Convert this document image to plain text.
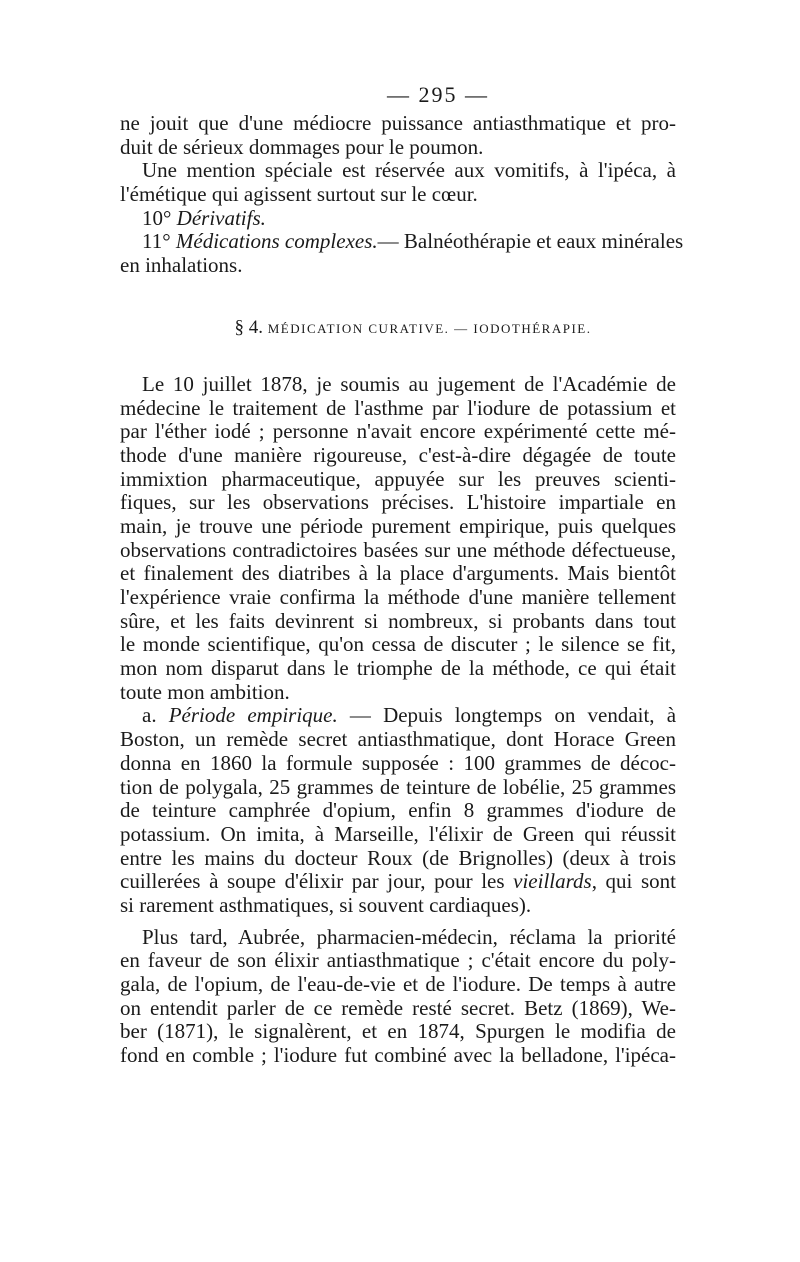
— 295 —
ne jouit que d'une médiocre puissance antiasthmatique et pro-
duit de sérieux dommages pour le poumon.
Une mention spéciale est réservée aux vomitifs, à l'ipéca, à
l'émétique qui agissent surtout sur le cœur.
10° Dérivatifs.
11° Médications complexes.— Balnéothérapie et eaux minérales
en inhalations.
§ 4. MÉDICATION CURATIVE. — IODOTHÉRAPIE.
Le 10 juillet 1878, je soumis au jugement de l'Académie de
médecine le traitement de l'asthme par l'iodure de potassium et
par l'éther iodé ; personne n'avait encore expérimenté cette mé-
thode d'une manière rigoureuse, c'est-à-dire dégagée de toute
immixtion pharmaceutique, appuyée sur les preuves scienti-
fiques, sur les observations précises. L'histoire impartiale en
main, je trouve une période purement empirique, puis quelques
observations contradictoires basées sur une méthode défectueuse,
et finalement des diatribes à la place d'arguments. Mais bientôt
l'expérience vraie confirma la méthode d'une manière tellement
sûre, et les faits devinrent si nombreux, si probants dans tout
le monde scientifique, qu'on cessa de discuter ; le silence se fit,
mon nom disparut dans le triomphe de la méthode, ce qui était
toute mon ambition.
a. Période empirique. — Depuis longtemps on vendait, à
Boston, un remède secret antiasthmatique, dont Horace Green
donna en 1860 la formule supposée : 100 grammes de décoc-
tion de polygala, 25 grammes de teinture de lobélie, 25 grammes
de teinture camphrée d'opium, enfin 8 grammes d'iodure de
potassium. On imita, à Marseille, l'élixir de Green qui réussit
entre les mains du docteur Roux (de Brignolles) (deux à trois
cuillerées à soupe d'élixir par jour, pour les vieillards, qui sont
si rarement asthmatiques, si souvent cardiaques).
Plus tard, Aubrée, pharmacien-médecin, réclama la priorité
en faveur de son élixir antiasthmatique ; c'était encore du poly-
gala, de l'opium, de l'eau-de-vie et de l'iodure. De temps à autre
on entendit parler de ce remède resté secret. Betz (1869), We-
ber (1871), le signalèrent, et en 1874, Spurgen le modifia de
fond en comble ; l'iodure fut combiné avec la belladone, l'ipéca-
